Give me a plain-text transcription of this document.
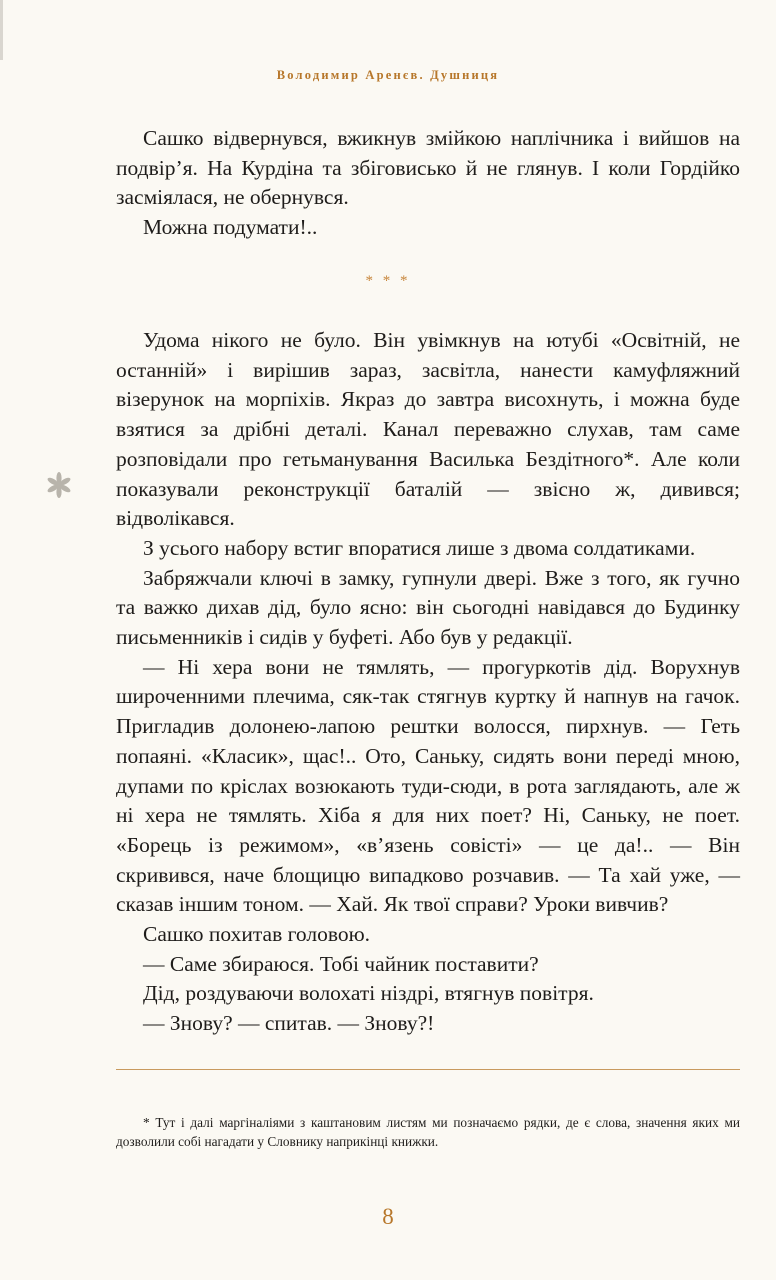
Володимир Аренєв. Душниця

Сашко відвернувся, вжикнув змійкою наплічника і вийшов на подвір’я. На Курдіна та збіговисько й не глянув. І коли Гордійко засміялася, не обернувся.

Можна подумати!..

* * *

Удома нікого не було. Він увімкнув на ютубі «Освітній, не останній» і вирішив зараз, засвітла, нанести камуфляжний візерунок на морпіхів. Якраз до завтра висохнуть, і можна буде взятися за дрібні деталі. Канал переважно слухав, там саме розповідали про гетьманування Василька Бездітного*. Але коли показували реконструкції баталій — звісно ж, дивився; відволікався.

З усього набору встиг впоратися лише з двома солдатиками.

Забряжчали ключі в замку, гупнули двері. Вже з того, як гучно та важко дихав дід, було ясно: він сьогодні навідався до Будинку письменників і сидів у буфеті. Або був у редакції.

— Ні хера вони не тямлять, — прогуркотів дід. Ворухнув широченними плечима, сяк-так стягнув куртку й напнув на гачок. Пригладив долонею-лапою рештки волосся, пирхнув. — Геть попаяні. «Класик», щас!.. Ото, Саньку, сидять вони переді мною, дупами по кріслах возюкають туди-сюди, в рота заглядають, але ж ні хера не тямлять. Хіба я для них поет? Ні, Саньку, не поет. «Борець із режимом», «в’язень совісті» — це да!.. — Він скривився, наче блощицю випадково розчавив. — Та хай уже, — сказав іншим тоном. — Хай. Як твої справи? Уроки вивчив?

Сашко похитав головою.

— Саме збираюся. Тобі чайник поставити?

Дід, роздуваючи волохаті ніздрі, втягнув повітря.

— Знову? — спитав. — Знову?!

* Тут і далі маргіналіями з каштановим листям ми позначаємо рядки, де є слова, значення яких ми дозволили собі нагадати у Словнику наприкінці книжки.

8
